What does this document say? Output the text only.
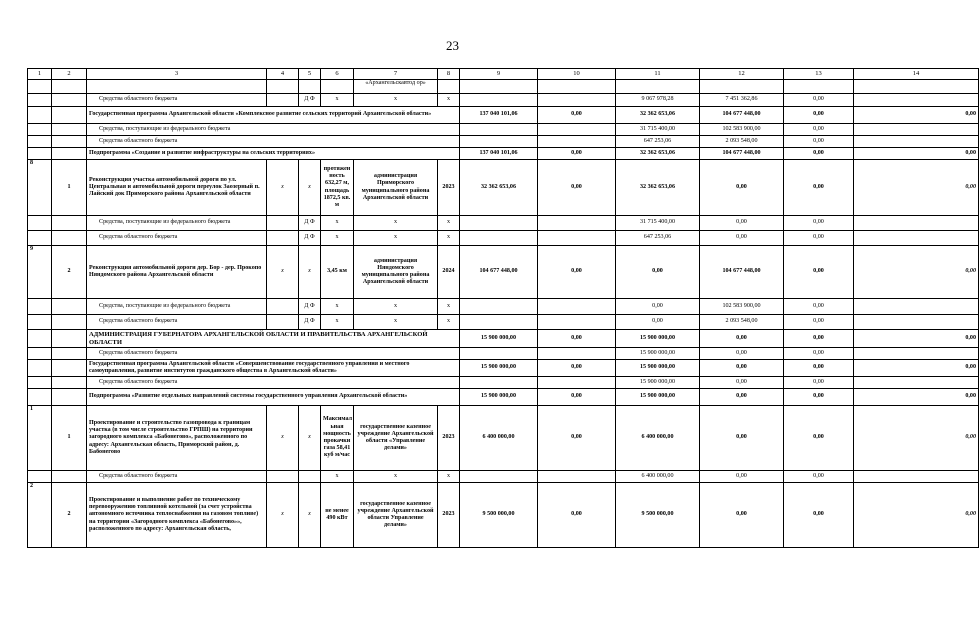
23
1	2	3	4	5	6	7	8	9	10	11	12	13	14
						«Архангельскавтод ор»							
		Средства областного бюджета		Д Ф	х	х	х			9 067 978,28	7 451 362,86	0,00	
		Государственная программа Архангельской области «Комплексное развитие сельских территорий Архангельской области»						137 040 101,06	0,00	32 362 653,06	104 677 448,00	0,00	0,00
		Средства, поступающие из федерального бюджета								31 715 400,00	102 583 900,00	0,00	
		Средства областного бюджета								647 253,06	2 093 548,00	0,00	
		Подпрограмма «Создание и развитие инфраструктуры на сельских территориях»						137 040 101,06	0,00	32 362 653,06	104 677 448,00	0,00	0,00
8	1	Реконструкция участка автомобильной дороги по ул. Центральная и автомобильной дороги переулок Заозерный п. Лайский док Приморского района Архангельской области	х	х	протяжен ность 632,27 м, площадь 1872,5 кв. м	администрация Приморского муниципального района Архангельской области	2023	32 362 653,06	0,00	32 362 653,06	0,00	0,00	0,00
		Средства, поступающие из федерального бюджета		Д Ф	х	х	х			31 715 400,00	0,00	0,00	
		Средства областного бюджета		Д Ф	х	х	х			647 253,06	0,00	0,00	
9	2	Реконструкция автомобильной дороги дер. Бор - дер. Прокопо Няндомского района Архангельской области	х	х	3,45 км	администрация Няндомского муниципального района Архангельской области	2024	104 677 448,00	0,00	0,00	104 677 448,00	0,00	0,00
		Средства, поступающие из федерального бюджета		Д Ф	х	х	х			0,00	102 583 900,00	0,00	
		Средства областного бюджета		Д Ф	х	х	х			0,00	2 093 548,00	0,00	
		АДМИНИСТРАЦИЯ ГУБЕРНАТОРА АРХАНГЕЛЬСКОЙ ОБЛАСТИ И ПРАВИТЕЛЬСТВА АРХАНГЕЛЬСКОЙ ОБЛАСТИ						15 900 000,00	0,00	15 900 000,00	0,00	0,00	0,00
		Средства областного бюджета								15 900 000,00	0,00	0,00	
		Государственная программа Архангельской области «Совершенствование государственного управления и местного самоуправления, развитие институтов гражданского общества в Архангельской области»						15 900 000,00	0,00	15 900 000,00	0,00	0,00	0,00
		Средства областного бюджета								15 900 000,00	0,00	0,00	
		Подпрограмма «Развитие отдельных направлений системы государственного управления Архангельской области»						15 900 000,00	0,00	15 900 000,00	0,00	0,00	0,00
1	1	Проектирование и строительство газопровода к границам участка (в том числе строительство ГРПШ) на территории загородного комплекса «Бабонегово», расположенного по адресу: Архангельская область, Приморский район, д. Бабонегово	х	х	Максимал ьная мощность прокачки газа 58,41 куб м/час	государственное казенное учреждение Архангельской области «Управление делами»	2023	6 400 000,00	0,00	6 400 000,00	0,00	0,00	0,00
		Средства областного бюджета			х	х	х			6 400 000,00	0,00	0,00	
2	2	Проектирование и выполнение работ по техническому перевооружению топливной котельной (за счет устройства автономного источника теплоснабжения на газовом топливе) на территории «Загородного комплекса «Бабонегово»», расположенного по адресу: Архангельская область,	х	х	не менее 490 кВт	государственное казенное учреждение Архангельской области Управление делами»	2023	9 500 000,00	0,00	9 500 000,00	0,00	0,00	0,00
